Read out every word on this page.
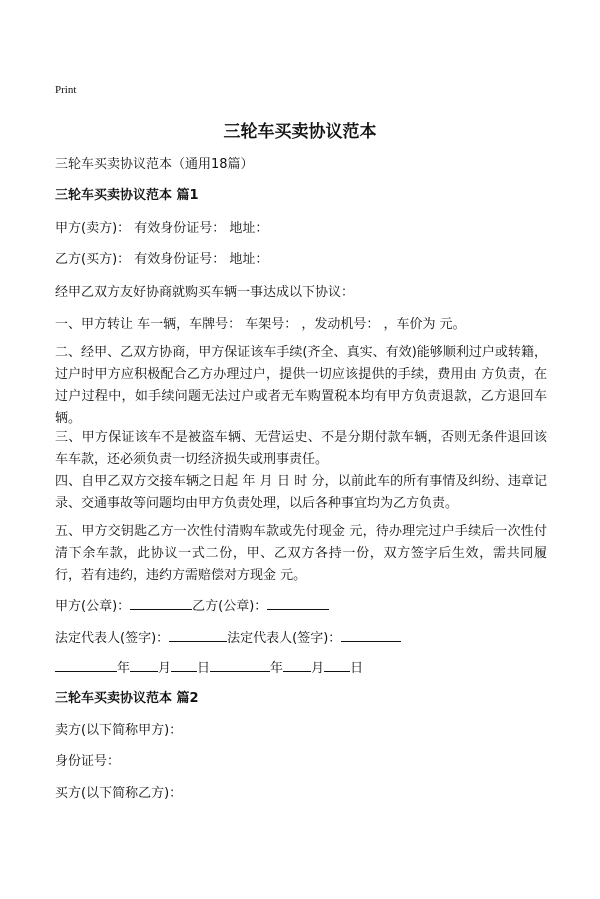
Print
三轮车买卖协议范本
三轮车买卖协议范本（通用18篇）
三轮车买卖协议范本 篇1
甲方(卖方)： 有效身份证号： 地址：
乙方(买方)： 有效身份证号： 地址：
经甲乙双方友好协商就购买车辆一事达成以下协议：
一、甲方转让 车一辆，车牌号： 车架号： ，发动机号： ，车价为 元。
二、经甲、乙双方协商，甲方保证该车手续(齐全、真实、有效)能够顺利过户或转籍，过户时甲方应积极配合乙方办理过户，提供一切应该提供的手续，费用由 方负责，在过户过程中，如手续问题无法过户或者无车购置税本均有甲方负责退款，乙方退回车辆。
三、甲方保证该车不是被盗车辆、无营运史、不是分期付款车辆，否则无条件退回该车车款，还必须负责一切经济损失或刑事责任。
四、自甲乙双方交接车辆之日起 年 月 日 时 分，以前此车的所有事情及纠纷、违章记录、交通事故等问题均由甲方负责处理，以后各种事宜均为乙方负责。
五、甲方交钥匙乙方一次性付清购车款或先付现金 元，待办理完过户手续后一次性付清下余车款，此协议一式二份，甲、乙双方各持一份，双方签字后生效，需共同履行，若有违约，违约方需赔偿对方现金 元。
甲方(公章)：	乙方(公章)：
法定代表人(签字)：	法定代表人(签字)：
年 月 日	年 月 日
三轮车买卖协议范本 篇2
卖方(以下简称甲方)：
身份证号：
买方(以下简称乙方)：
